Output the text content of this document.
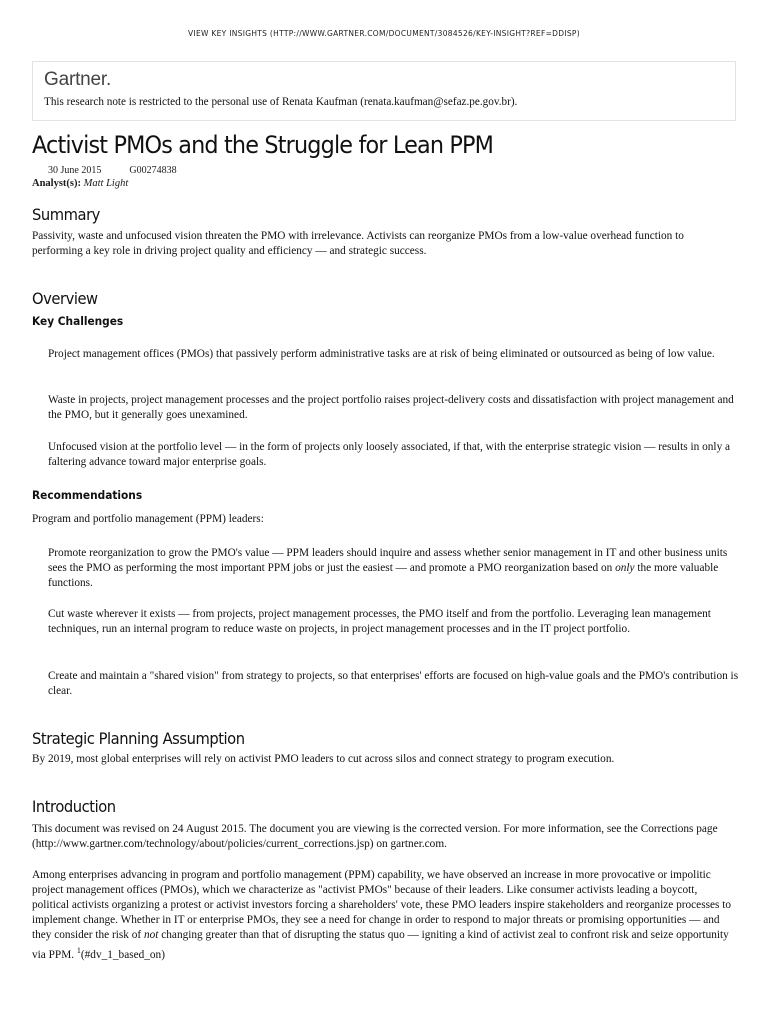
VIEW KEY INSIGHTS (HTTP://WWW.GARTNER.COM/DOCUMENT/3084526/KEY-INSIGHT?REF=DDISP)
Gartner.
This research note is restricted to the personal use of Renata Kaufman (renata.kaufman@sefaz.pe.gov.br).
Activist PMOs and the Struggle for Lean PPM
30 June 2015	G00274838
Analyst(s): Matt Light
Summary

Passivity, waste and unfocused vision threaten the PMO with irrelevance. Activists can reorganize PMOs from a low-value overhead function to performing a key role in driving project quality and efficiency — and strategic success.

Overview
Key Challenges

Project management offices (PMOs) that passively perform administrative tasks are at risk of being eliminated or outsourced as being of low value.

Waste in projects, project management processes and the project portfolio raises project-delivery costs and dissatisfaction with project management and the PMO, but it generally goes unexamined.

Unfocused vision at the portfolio level — in the form of projects only loosely associated, if that, with the enterprise strategic vision — results in only a faltering advance toward major enterprise goals.

Recommendations

Program and portfolio management (PPM) leaders:

Promote reorganization to grow the PMO's value — PPM leaders should inquire and assess whether senior management in IT and other business units sees the PMO as performing the most important PPM jobs or just the easiest — and promote a PMO reorganization based on only the more valuable functions.

Cut waste wherever it exists — from projects, project management processes, the PMO itself and from the portfolio. Leveraging lean management techniques, run an internal program to reduce waste on projects, in project management processes and in the IT project portfolio.

Create and maintain a "shared vision" from strategy to projects, so that enterprises' efforts are focused on high-value goals and the PMO's contribution is clear.

Strategic Planning Assumption

By 2019, most global enterprises will rely on activist PMO leaders to cut across silos and connect strategy to program execution.

Introduction

This document was revised on 24 August 2015. The document you are viewing is the corrected version. For more information, see the Corrections page (http://www.gartner.com/technology/about/policies/current_corrections.jsp) on gartner.com.

Among enterprises advancing in program and portfolio management (PPM) capability, we have observed an increase in more provocative or impolitic project management offices (PMOs), which we characterize as "activist PMOs" because of their leaders. Like consumer activists leading a boycott, political activists organizing a protest or activist investors forcing a shareholders' vote, these PMO leaders inspire stakeholders and reorganize processes to implement change. Whether in IT or enterprise PMOs, they see a need for change in order to respond to major threats or promising opportunities — and they consider the risk of not changing greater than that of disrupting the status quo — igniting a kind of activist zeal to confront risk and seize opportunity via PPM. $^1$(#dv_1_based_on)
